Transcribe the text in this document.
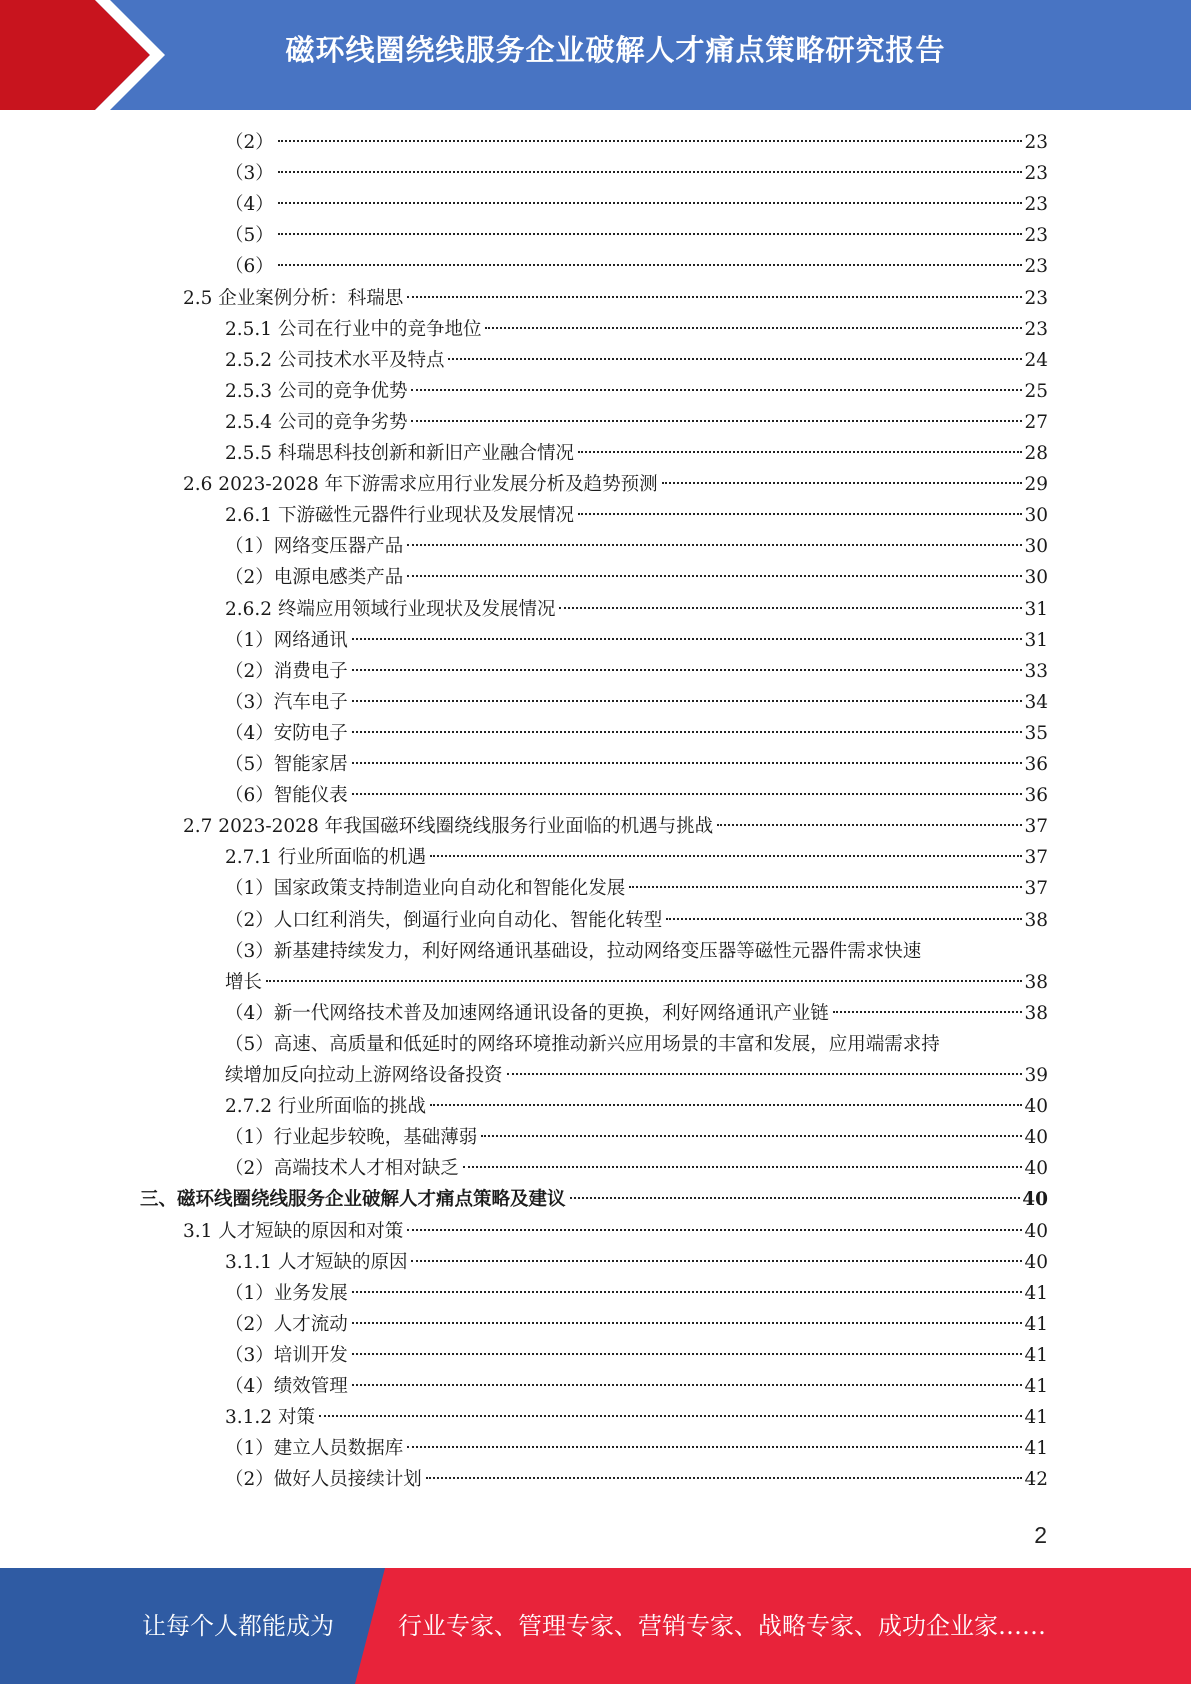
磁环线圈绕线服务企业破解人才痛点策略研究报告
（2）	23
（3）	23
（4）	23
（5）	23
（6）	23
2.5 企业案例分析：科瑞思	23
2.5.1 公司在行业中的竞争地位	23
2.5.2 公司技术水平及特点	24
2.5.3 公司的竞争优势	25
2.5.4 公司的竞争劣势	27
2.5.5 科瑞思科技创新和新旧产业融合情况	28
2.6 2023-2028 年下游需求应用行业发展分析及趋势预测	29
2.6.1 下游磁性元器件行业现状及发展情况	30
（1）网络变压器产品	30
（2）电源电感类产品	30
2.6.2 终端应用领域行业现状及发展情况	31
（1）网络通讯	31
（2）消费电子	33
（3）汽车电子	34
（4）安防电子	35
（5）智能家居	36
（6）智能仪表	36
2.7 2023-2028 年我国磁环线圈绕线服务行业面临的机遇与挑战	37
2.7.1 行业所面临的机遇	37
（1）国家政策支持制造业向自动化和智能化发展	37
（2）人口红利消失，倒逼行业向自动化、智能化转型	38
（3）新基建持续发力，利好网络通讯基础设，拉动网络变压器等磁性元器件需求快速
增长	38
（4）新一代网络技术普及加速网络通讯设备的更换，利好网络通讯产业链	38
（5）高速、高质量和低延时的网络环境推动新兴应用场景的丰富和发展，应用端需求持
续增加反向拉动上游网络设备投资	39
2.7.2 行业所面临的挑战	40
（1）行业起步较晚，基础薄弱	40
（2）高端技术人才相对缺乏	40
三、磁环线圈绕线服务企业破解人才痛点策略及建议	40
3.1 人才短缺的原因和对策	40
3.1.1 人才短缺的原因	40
（1）业务发展	41
（2）人才流动	41
（3）培训开发	41
（4）绩效管理	41
3.1.2 对策	41
（1）建立人员数据库	41
（2）做好人员接续计划	42
2
让每个人都能成为	行业专家、管理专家、营销专家、战略专家、成功企业家……
